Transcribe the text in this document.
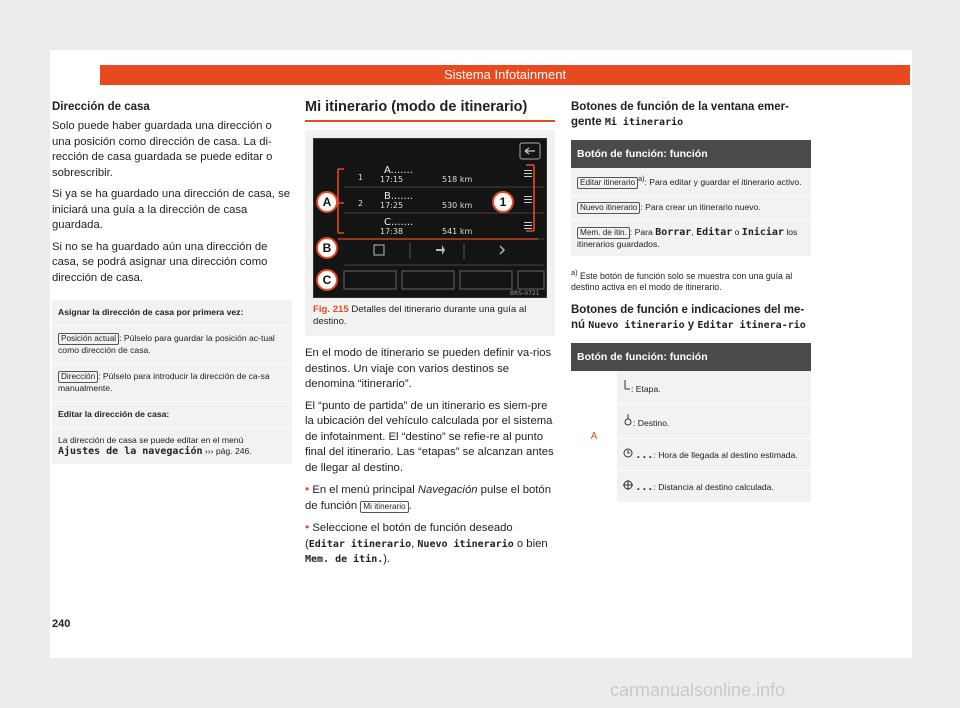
Sistema Infotainment
Dirección de casa

Solo puede haber guardada una dirección o una posición como dirección de casa. La di-rección de casa guardada se puede editar o sobrescribir.

Si ya se ha guardado una dirección de casa, se iniciará una guía a la dirección de casa guardada.

Si no se ha guardado aún una dirección de casa, se podrá asignar una dirección como dirección de casa.

Asignar la dirección de casa por primera vez:
Posición actual : Púlselo para guardar la posición ac-tual como dirección de casa.
Dirección : Púlselo para introducir la dirección de ca-sa manualmente.
Editar la dirección de casa:
La dirección de casa se puede editar en el menú Ajustes de la navegación ››› pág. 246.
Mi itinerario (modo de itinerario)
A.......
1 17:15	518 km
B.......
2 17:25	530 km
C.......
17:38	541 km
BRS-0721
A
B
C
1
Fig. 215 Detalles del itinerario durante una guía al destino.

En el modo de itinerario se pueden definir va-rios destinos. Un viaje con varios destinos se denomina “itinerario”.

El “punto de partida” de un itinerario es siem-pre la ubicación del vehículo calculada por el sistema de infotainment. El “destino” se refie-re al punto final del itinerario. Las “etapas” se alcanzan antes de llegar al destino.

• En el menú principal Navegación pulse el botón de función Mi itinerario .

• Seleccione el botón de función deseado (Editar itinerario, Nuevo itinerario o bien Mem. de itin.).

Botones de función de la ventana emer-gente Mi itinerario
Botón de función: función
Editar itinerario $^{a)}$: Para editar y guardar el itinerario activo.
Nuevo itinerario : Para crear un itinerario nuevo.
Mem. de itin. : Para Borrar, Editar o Iniciar los itinerarios guardados.
$^{a)}$ Este botón de función solo se muestra con una guía al destino activa en el modo de itinerario.
Botones de función e indicaciones del me-nú Nuevo itinerario y Editar itinera-rio
Botón de función: función
A
: Etapa.
: Destino.
...: Hora de llegada al destino estimada.
...: Distancia al destino calculada.
240
carmanualsonline.info
